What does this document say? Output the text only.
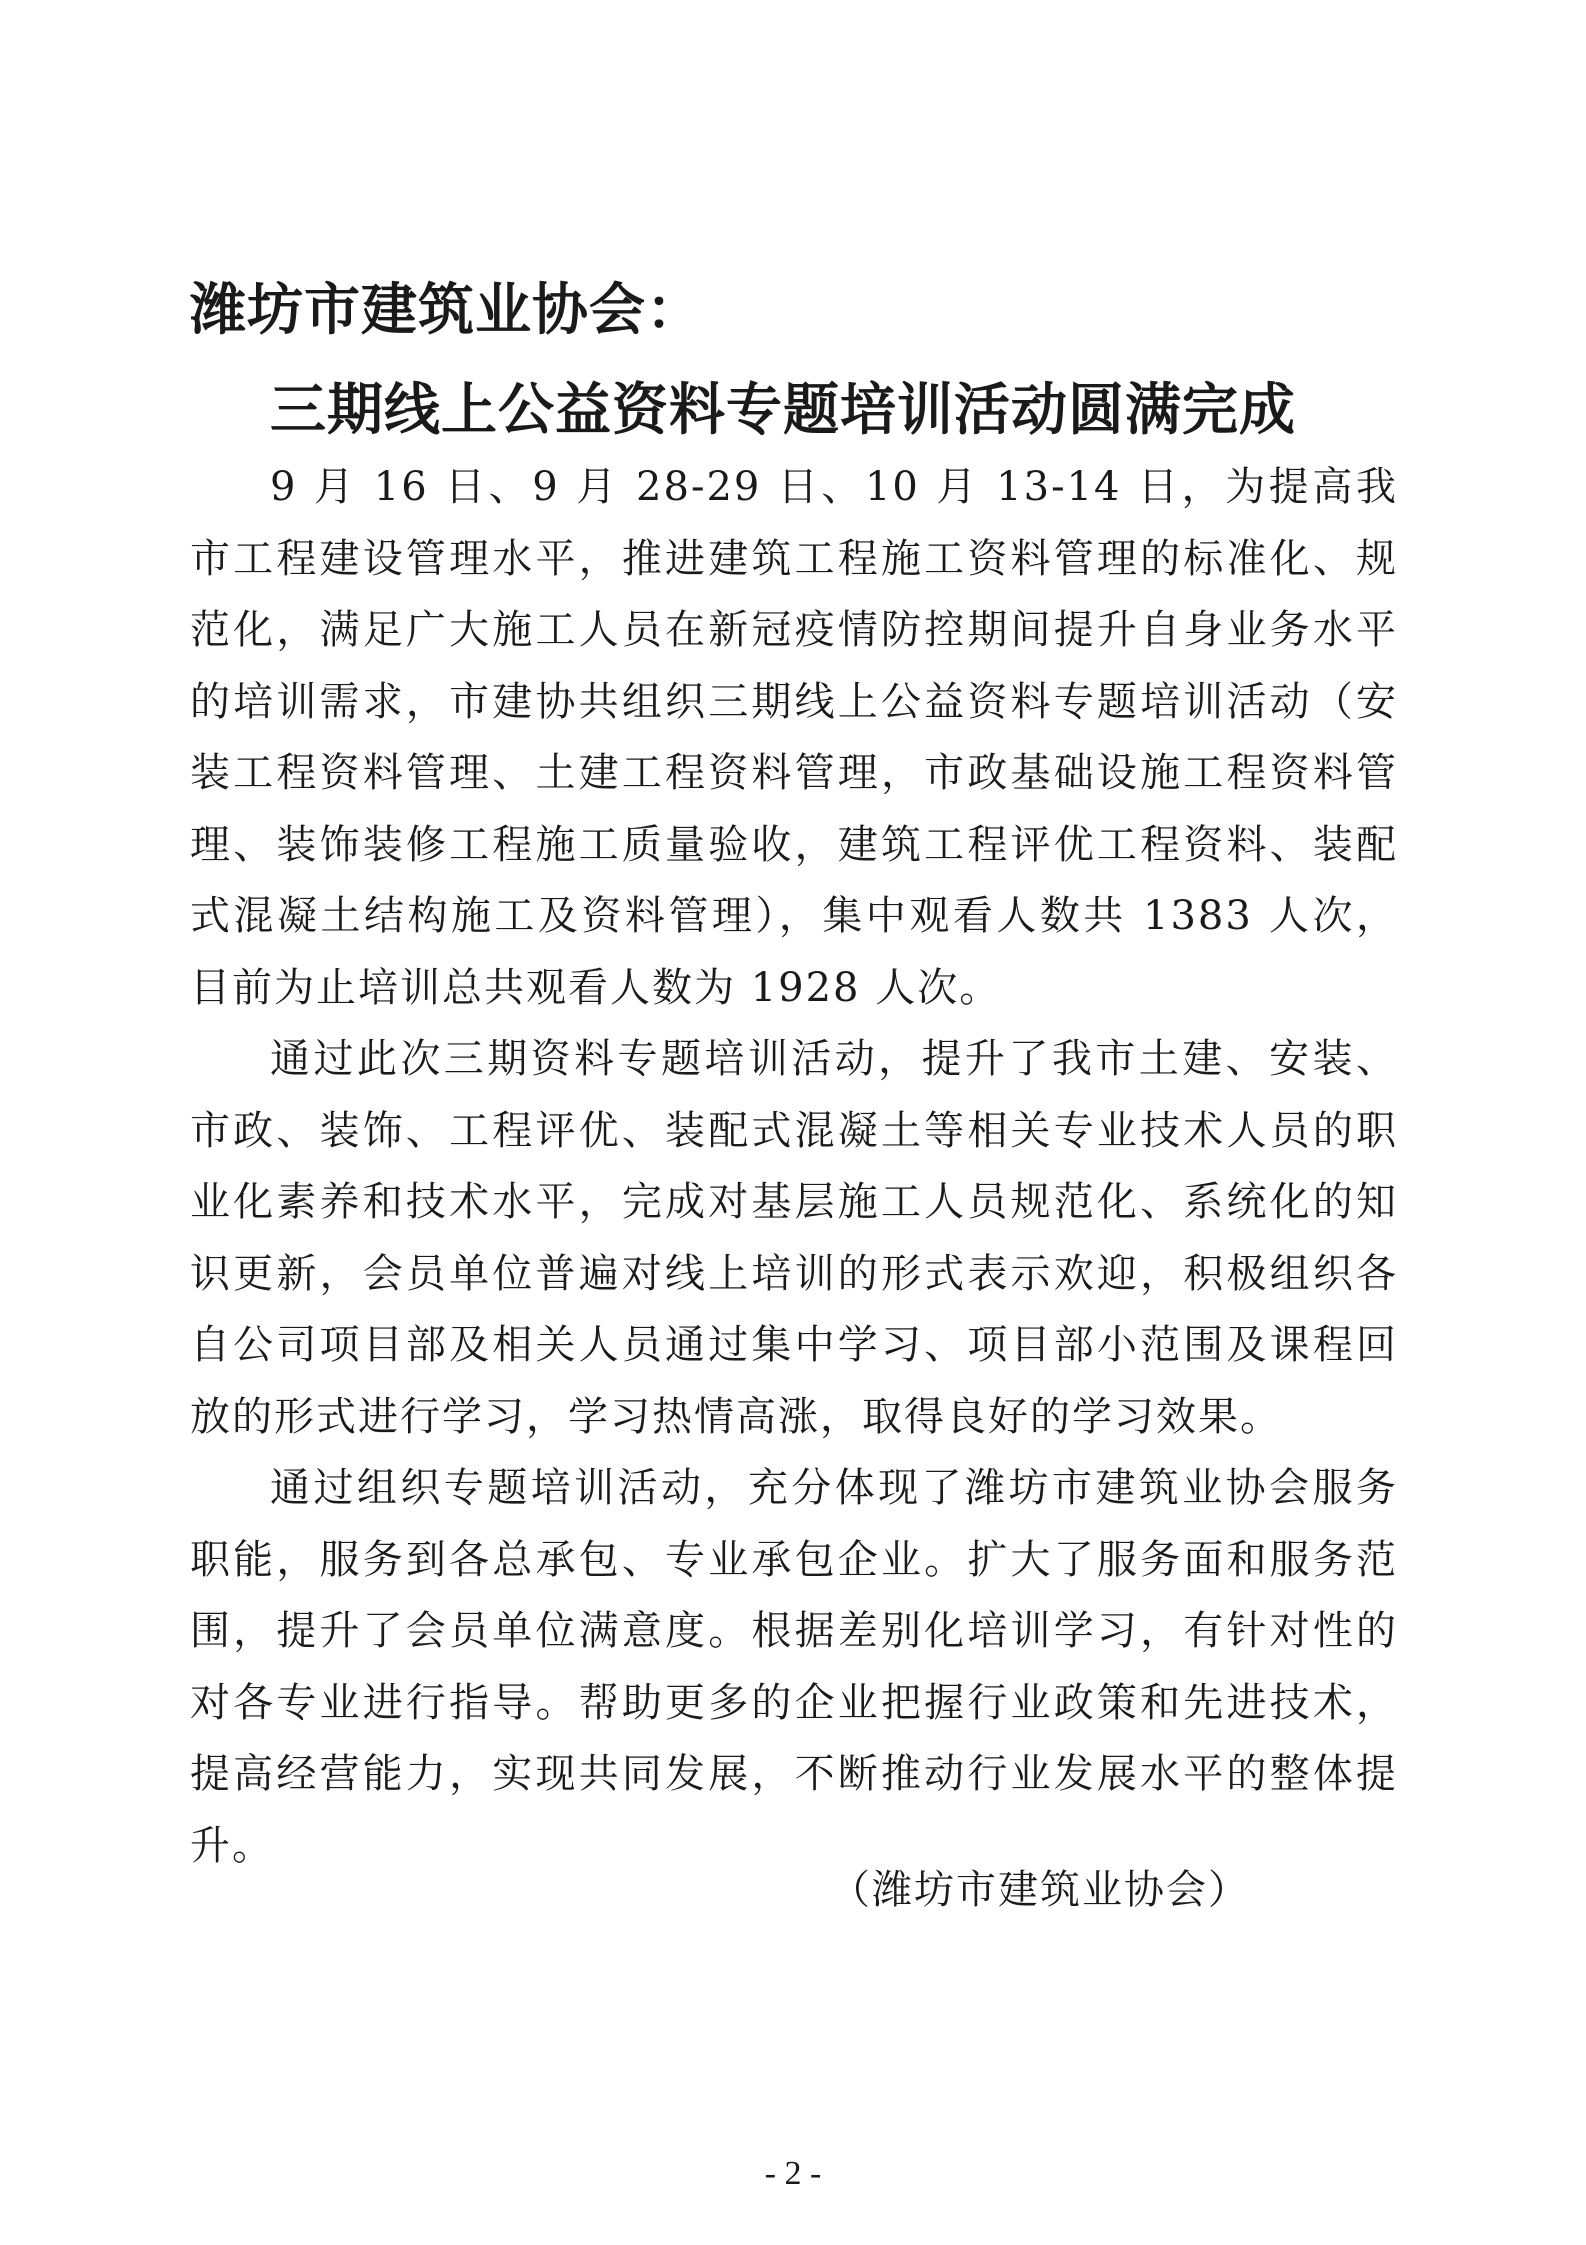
潍坊市建筑业协会：
三期线上公益资料专题培训活动圆满完成

9 月 16 日、9 月 28-29 日、10 月 13-14 日，为提高我市工程建设管理水平，推进建筑工程施工资料管理的标准化、规范化，满足广大施工人员在新冠疫情防控期间提升自身业务水平的培训需求，市建协共组织三期线上公益资料专题培训活动（安装工程资料管理、土建工程资料管理，市政基础设施工程资料管理、装饰装修工程施工质量验收，建筑工程评优工程资料、装配式混凝土结构施工及资料管理），集中观看人数共 1383 人次，目前为止培训总共观看人数为 1928 人次。

通过此次三期资料专题培训活动，提升了我市土建、安装、市政、装饰、工程评优、装配式混凝土等相关专业技术人员的职业化素养和技术水平，完成对基层施工人员规范化、系统化的知识更新，会员单位普遍对线上培训的形式表示欢迎，积极组织各自公司项目部及相关人员通过集中学习、项目部小范围及课程回放的形式进行学习，学习热情高涨，取得良好的学习效果。

通过组织专题培训活动，充分体现了潍坊市建筑业协会服务职能，服务到各总承包、专业承包企业。扩大了服务面和服务范围，提升了会员单位满意度。根据差别化培训学习，有针对性的对各专业进行指导。帮助更多的企业把握行业政策和先进技术，提高经营能力，实现共同发展，不断推动行业发展水平的整体提升。

（潍坊市建筑业协会）
- 2 -
